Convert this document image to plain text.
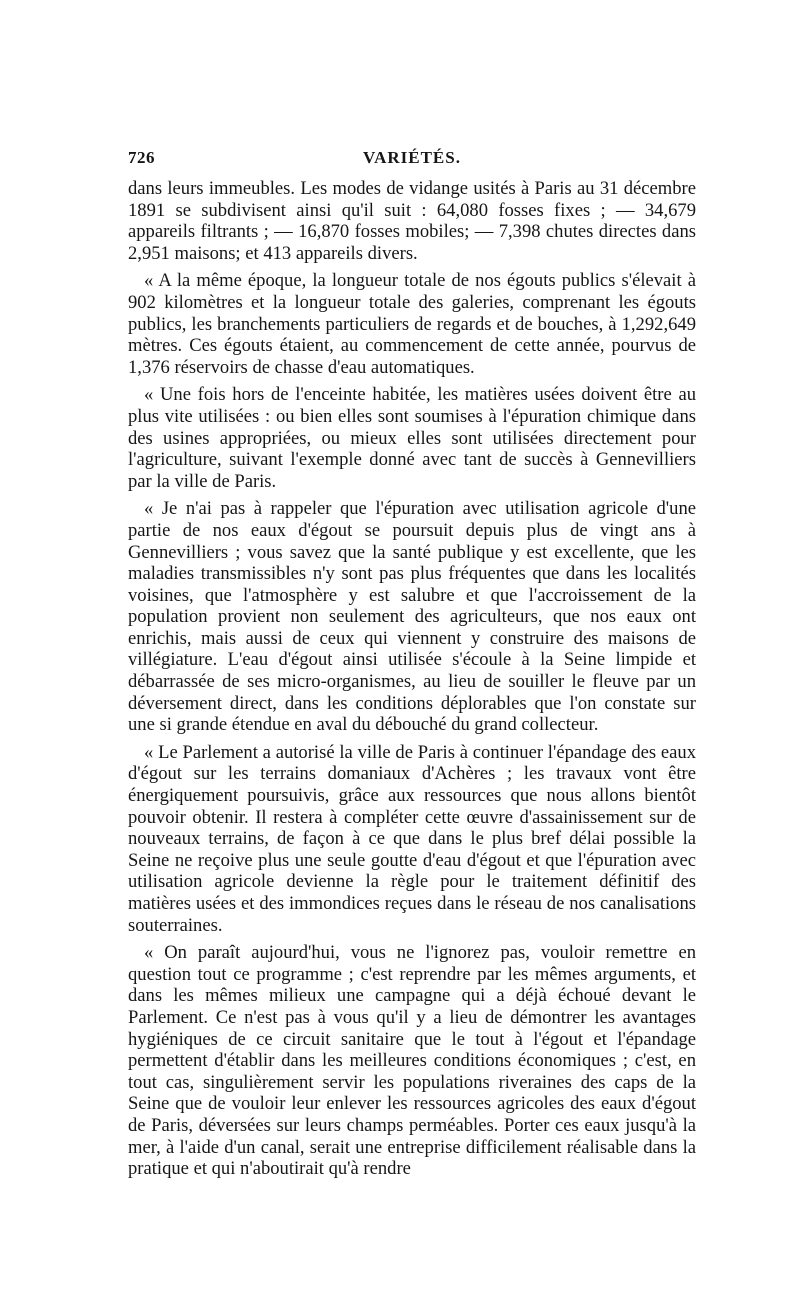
726	VARIÉTÉS.

dans leurs immeubles. Les modes de vidange usités à Paris au 31 décembre 1891 se subdivisent ainsi qu'il suit : 64,080 fosses fixes ; — 34,679 appareils filtrants ; — 16,870 fosses mobiles; — 7,398 chutes directes dans 2,951 maisons; et 413 appareils divers.

« A la même époque, la longueur totale de nos égouts publics s'élevait à 902 kilomètres et la longueur totale des galeries, comprenant les égouts publics, les branchements particuliers de regards et de bouches, à 1,292,649 mètres. Ces égouts étaient, au commencement de cette année, pourvus de 1,376 réservoirs de chasse d'eau automatiques.

« Une fois hors de l'enceinte habitée, les matières usées doivent être au plus vite utilisées : ou bien elles sont soumises à l'épuration chimique dans des usines appropriées, ou mieux elles sont utilisées directement pour l'agriculture, suivant l'exemple donné avec tant de succès à Gennevilliers par la ville de Paris.

« Je n'ai pas à rappeler que l'épuration avec utilisation agricole d'une partie de nos eaux d'égout se poursuit depuis plus de vingt ans à Gennevilliers ; vous savez que la santé publique y est excellente, que les maladies transmissibles n'y sont pas plus fréquentes que dans les localités voisines, que l'atmosphère y est salubre et que l'accroissement de la population provient non seulement des agriculteurs, que nos eaux ont enrichis, mais aussi de ceux qui viennent y construire des maisons de villégiature. L'eau d'égout ainsi utilisée s'écoule à la Seine limpide et débarrassée de ses micro-organismes, au lieu de souiller le fleuve par un déversement direct, dans les conditions déplorables que l'on constate sur une si grande étendue en aval du débouché du grand collecteur.

« Le Parlement a autorisé la ville de Paris à continuer l'épandage des eaux d'égout sur les terrains domaniaux d'Achères ; les travaux vont être énergiquement poursuivis, grâce aux ressources que nous allons bientôt pouvoir obtenir. Il restera à compléter cette œuvre d'assainissement sur de nouveaux terrains, de façon à ce que dans le plus bref délai possible la Seine ne reçoive plus une seule goutte d'eau d'égout et que l'épuration avec utilisation agricole devienne la règle pour le traitement définitif des matières usées et des immondices reçues dans le réseau de nos canalisations souterraines.

« On paraît aujourd'hui, vous ne l'ignorez pas, vouloir remettre en question tout ce programme ; c'est reprendre par les mêmes arguments, et dans les mêmes milieux une campagne qui a déjà échoué devant le Parlement. Ce n'est pas à vous qu'il y a lieu de démontrer les avantages hygiéniques de ce circuit sanitaire que le tout à l'égout et l'épandage permettent d'établir dans les meilleures conditions économiques ; c'est, en tout cas, singulièrement servir les populations riveraines des caps de la Seine que de vouloir leur enlever les ressources agricoles des eaux d'égout de Paris, déversées sur leurs champs perméables. Porter ces eaux jusqu'à la mer, à l'aide d'un canal, serait une entreprise difficilement réalisable dans la pratique et qui n'aboutirait qu'à rendre
